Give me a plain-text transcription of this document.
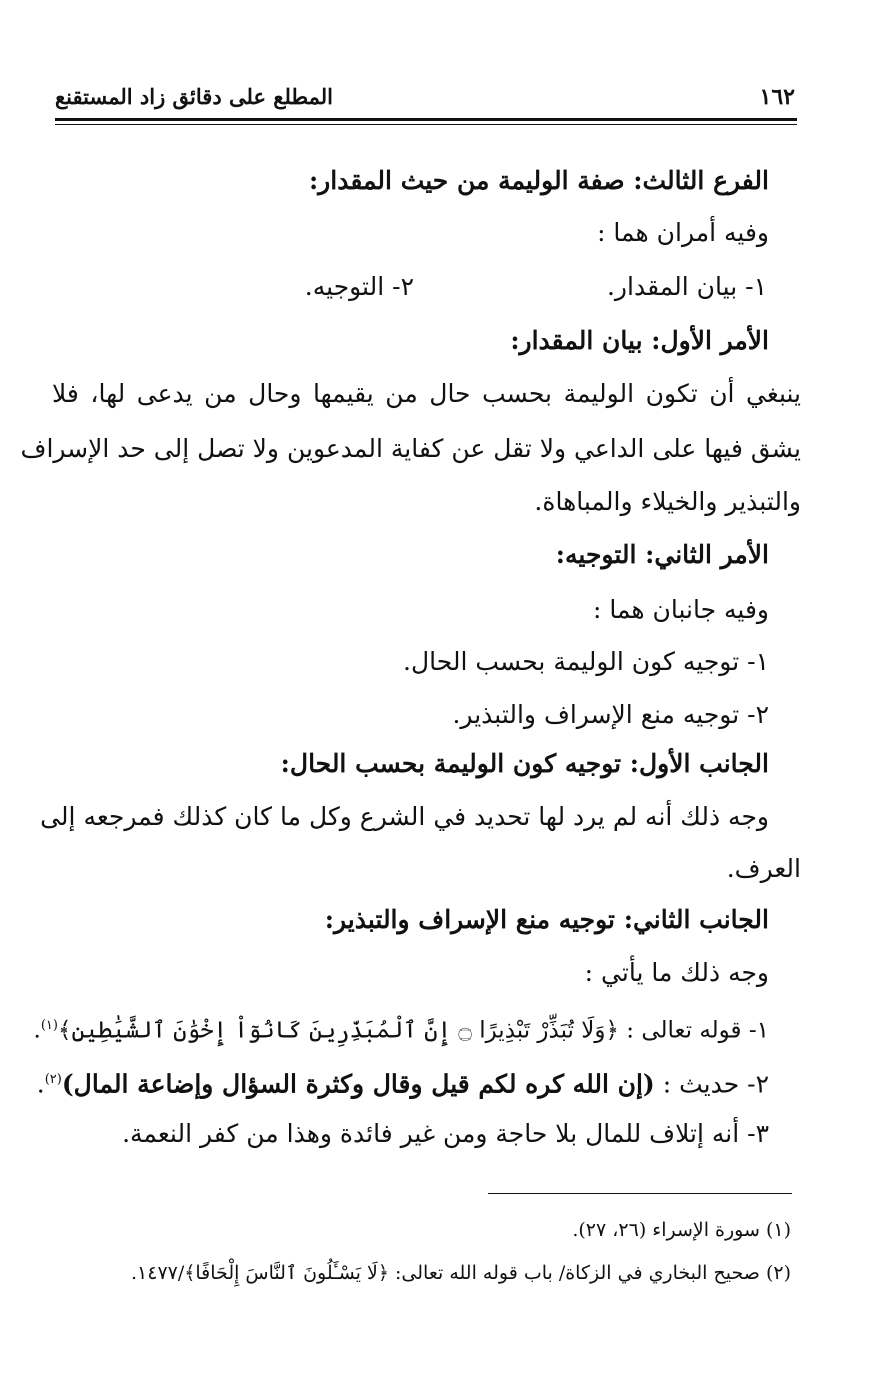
١٦٢
المطلع على دقائق زاد المستقنع
الفرع الثالث: صفة الوليمة من حيث المقدار:
وفيه أمران هما :
١- بيان المقدار.
٢- التوجيه.
الأمر الأول: بيان المقدار:
ينبغي أن تكون الوليمة بحسب حال من يقيمها وحال من يدعى لها، فلا
يشق فيها على الداعي ولا تقل عن كفاية المدعوين ولا تصل إلى حد الإسراف
والتبذير والخيلاء والمباهاة.
الأمر الثاني: التوجيه:
وفيه جانبان هما :
١- توجيه كون الوليمة بحسب الحال.
٢- توجيه منع الإسراف والتبذير.
الجانب الأول: توجيه كون الوليمة بحسب الحال:
وجه ذلك أنه لم يرد لها تحديد في الشرع وكل ما كان كذلك فمرجعه إلى
العرف.
الجانب الثاني: توجيه منع الإسراف والتبذير:
وجه ذلك ما يأتي :
١- قوله تعالى : ﴿وَلَا تُبَذِّرْ تَبْذِيرًا ۝ إِنَّ ٱلْمُبَذِّرِينَ كَانُوٓاْ إِخْوَٰنَ ٱلشَّيَٰطِينِ﴾$^{(١)}$.
٢- حديث : (إن الله كره لكم قيل وقال وكثرة السؤال وإضاعة المال)$^{(٢)}$.
٣- أنه إتلاف للمال بلا حاجة ومن غير فائدة وهذا من كفر النعمة.
(١) سورة الإسراء (٢٦، ٢٧).
(٢) صحيح البخاري في الزكاة/ باب قوله الله تعالى: ﴿لَا يَسْـَٔلُونَ ٱلنَّاسَ إِلْحَافًا﴾/١٤٧٧.
